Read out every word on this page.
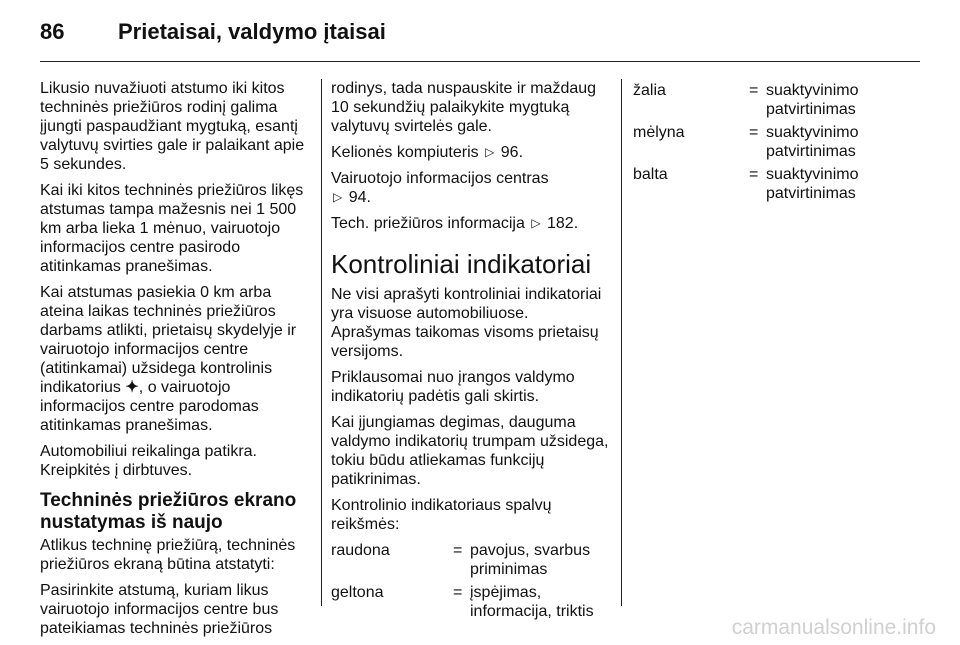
86	Prietaisai, valdymo įtaisai

Likusio nuvažiuoti atstumo iki kitos techninės priežiūros rodinį galima įjungti paspaudžiant mygtuką, esantį valytuvų svirties gale ir palaikant apie 5 sekundes.

Kai iki kitos techninės priežiūros likęs atstumas tampa mažesnis nei 1 500 km arba lieka 1 mėnuo, vairuotojo informacijos centre pasirodo atitinkamas pranešimas.

Kai atstumas pasiekia 0 km arba ateina laikas techninės priežiūros darbams atlikti, prietaisų skydelyje ir vairuotojo informacijos centre (atitinkamai) užsidega kontrolinis indikatorius ✦, o vairuotojo informacijos centre parodomas atitinkamas pranešimas.

Automobiliui reikalinga patikra. Kreipkitės į dirbtuves.

Techninės priežiūros ekrano nustatymas iš naujo

Atlikus techninę priežiūrą, techninės priežiūros ekraną būtina atstatyti:

Pasirinkite atstumą, kuriam likus vairuotojo informacijos centre bus pateikiamas techninės priežiūros

rodinys, tada nuspauskite ir maždaug 10 sekundžių palaikykite mygtuką valytuvų svirtelės gale.

Kelionės kompiuteris ▷ 96.

Vairuotojo informacijos centras
▷ 94.

Tech. priežiūros informacija ▷ 182.

Kontroliniai indikatoriai

Ne visi aprašyti kontroliniai indikatoriai yra visuose automobiliuose. Aprašymas taikomas visoms prietaisų versijoms.

Priklausomai nuo įrangos valdymo indikatorių padėtis gali skirtis.

Kai įjungiamas degimas, dauguma valdymo indikatorių trumpam užsidega, tokiu būdu atliekamas funkcijų patikrinimas.

Kontrolinio indikatoriaus spalvų reikšmės:

raudona	= pavojus, svarbus priminimas
geltona	= įspėjimas, informacija, triktis
žalia	= suaktyvinimo patvirtinimas
mėlyna	= suaktyvinimo patvirtinimas
balta	= suaktyvinimo patvirtinimas
carmanualsonline.info
